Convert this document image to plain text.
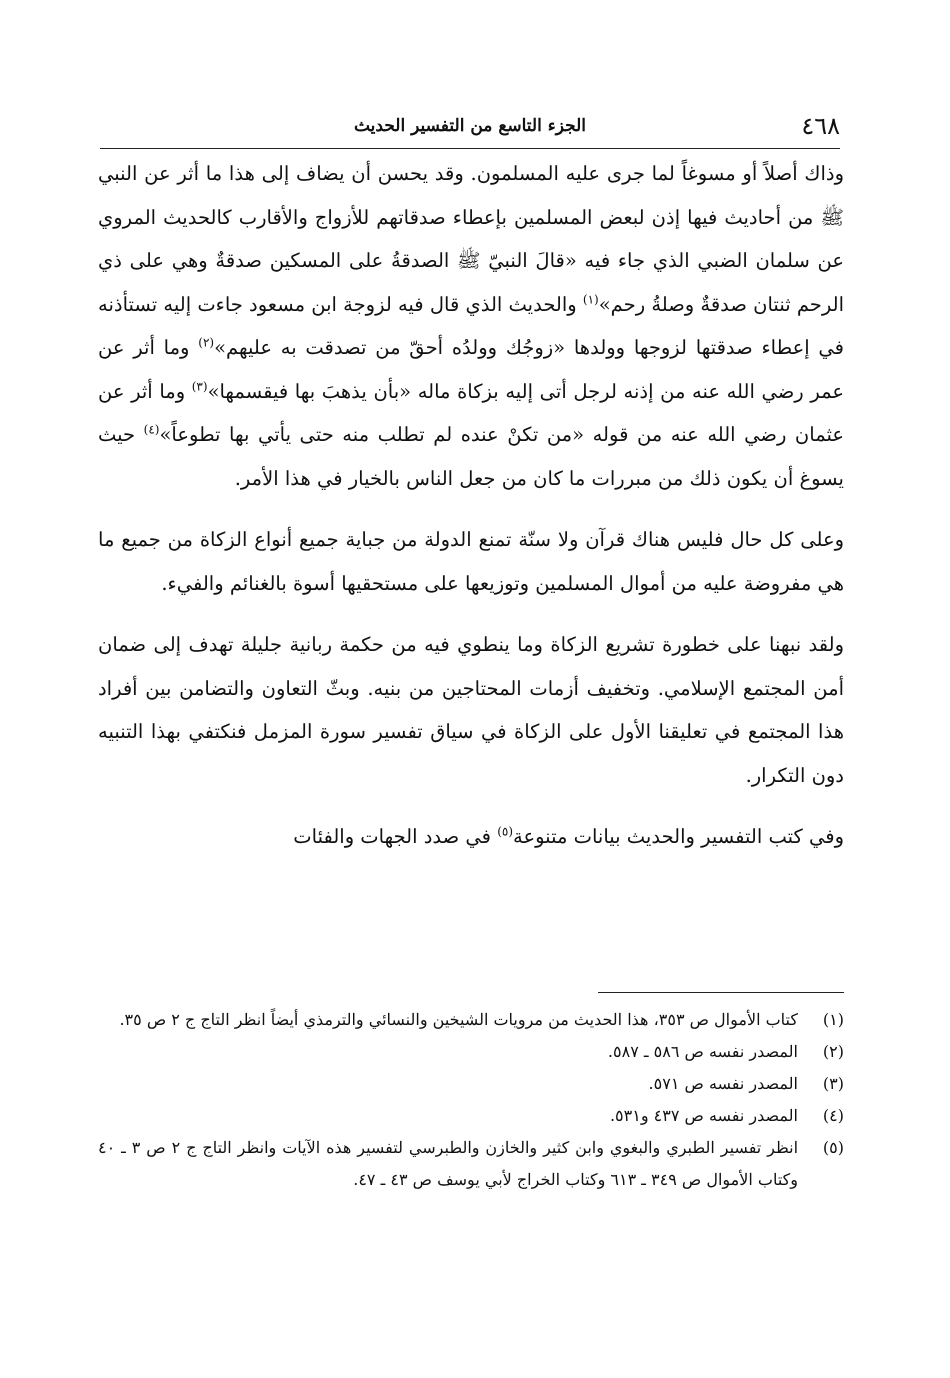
٤٦٨
الجزء التاسع من التفسير الحديث

وذاك أصلاً أو مسوغاً لما جرى عليه المسلمون. وقد يحسن أن يضاف إلى هذا ما أثر عن النبي ﷺ من أحاديث فيها إذن لبعض المسلمين بإعطاء صدقاتهم للأزواج والأقارب كالحديث المروي عن سلمان الضبي الذي جاء فيه «قالَ النبيّ ﷺ الصدقةُ على المسكين صدقةٌ وهي على ذي الرحم ثنتان صدقةٌ وصلةُ رحم»$^{(١)}$ والحديث الذي قال فيه لزوجة ابن مسعود جاءت إليه تستأذنه في إعطاء صدقتها لزوجها وولدها «زوجُك وولدُه أحقّ من تصدقت به عليهم»$^{(٢)}$ وما أثر عن عمر رضي الله عنه من إذنه لرجل أتى إليه بزكاة ماله «بأن يذهبَ بها فيقسمها»$^{(٣)}$ وما أثر عن عثمان رضي الله عنه من قوله «من تكنْ عنده لم تطلب منه حتى يأتي بها تطوعاً»$^{(٤)}$ حيث يسوغ أن يكون ذلك من مبررات ما كان من جعل الناس بالخيار في هذا الأمر.

وعلى كل حال فليس هناك قرآن ولا سنّة تمنع الدولة من جباية جميع أنواع الزكاة من جميع ما هي مفروضة عليه من أموال المسلمين وتوزيعها على مستحقيها أسوة بالغنائم والفيء.

ولقد نبهنا على خطورة تشريع الزكاة وما ينطوي فيه من حكمة ربانية جليلة تهدف إلى ضمان أمن المجتمع الإسلامي. وتخفيف أزمات المحتاجين من بنيه. وبثّ التعاون والتضامن بين أفراد هذا المجتمع في تعليقنا الأول على الزكاة في سياق تفسير سورة المزمل فنكتفي بهذا التنبيه دون التكرار.

وفي كتب التفسير والحديث بيانات متنوعة$^{(٥)}$ في صدد الجهات والفئات

(١)
كتاب الأموال ص ٣٥٣، هذا الحديث من مرويات الشيخين والنسائي والترمذي أيضاً انظر التاج ج ٢ ص ٣٥.

(٢)
المصدر نفسه ص ٥٨٦ ـ ٥٨٧.

(٣)
المصدر نفسه ص ٥٧١.

(٤)
المصدر نفسه ص ٤٣٧ و٥٣١.

(٥)
انظر تفسير الطبري والبغوي وابن كثير والخازن والطبرسي لتفسير هذه الآيات وانظر التاج ج ٢ ص ٣ ـ ٤٠ وكتاب الأموال ص ٣٤٩ ـ ٦١٣ وكتاب الخراج لأبي يوسف ص ٤٣ ـ ٤٧.
